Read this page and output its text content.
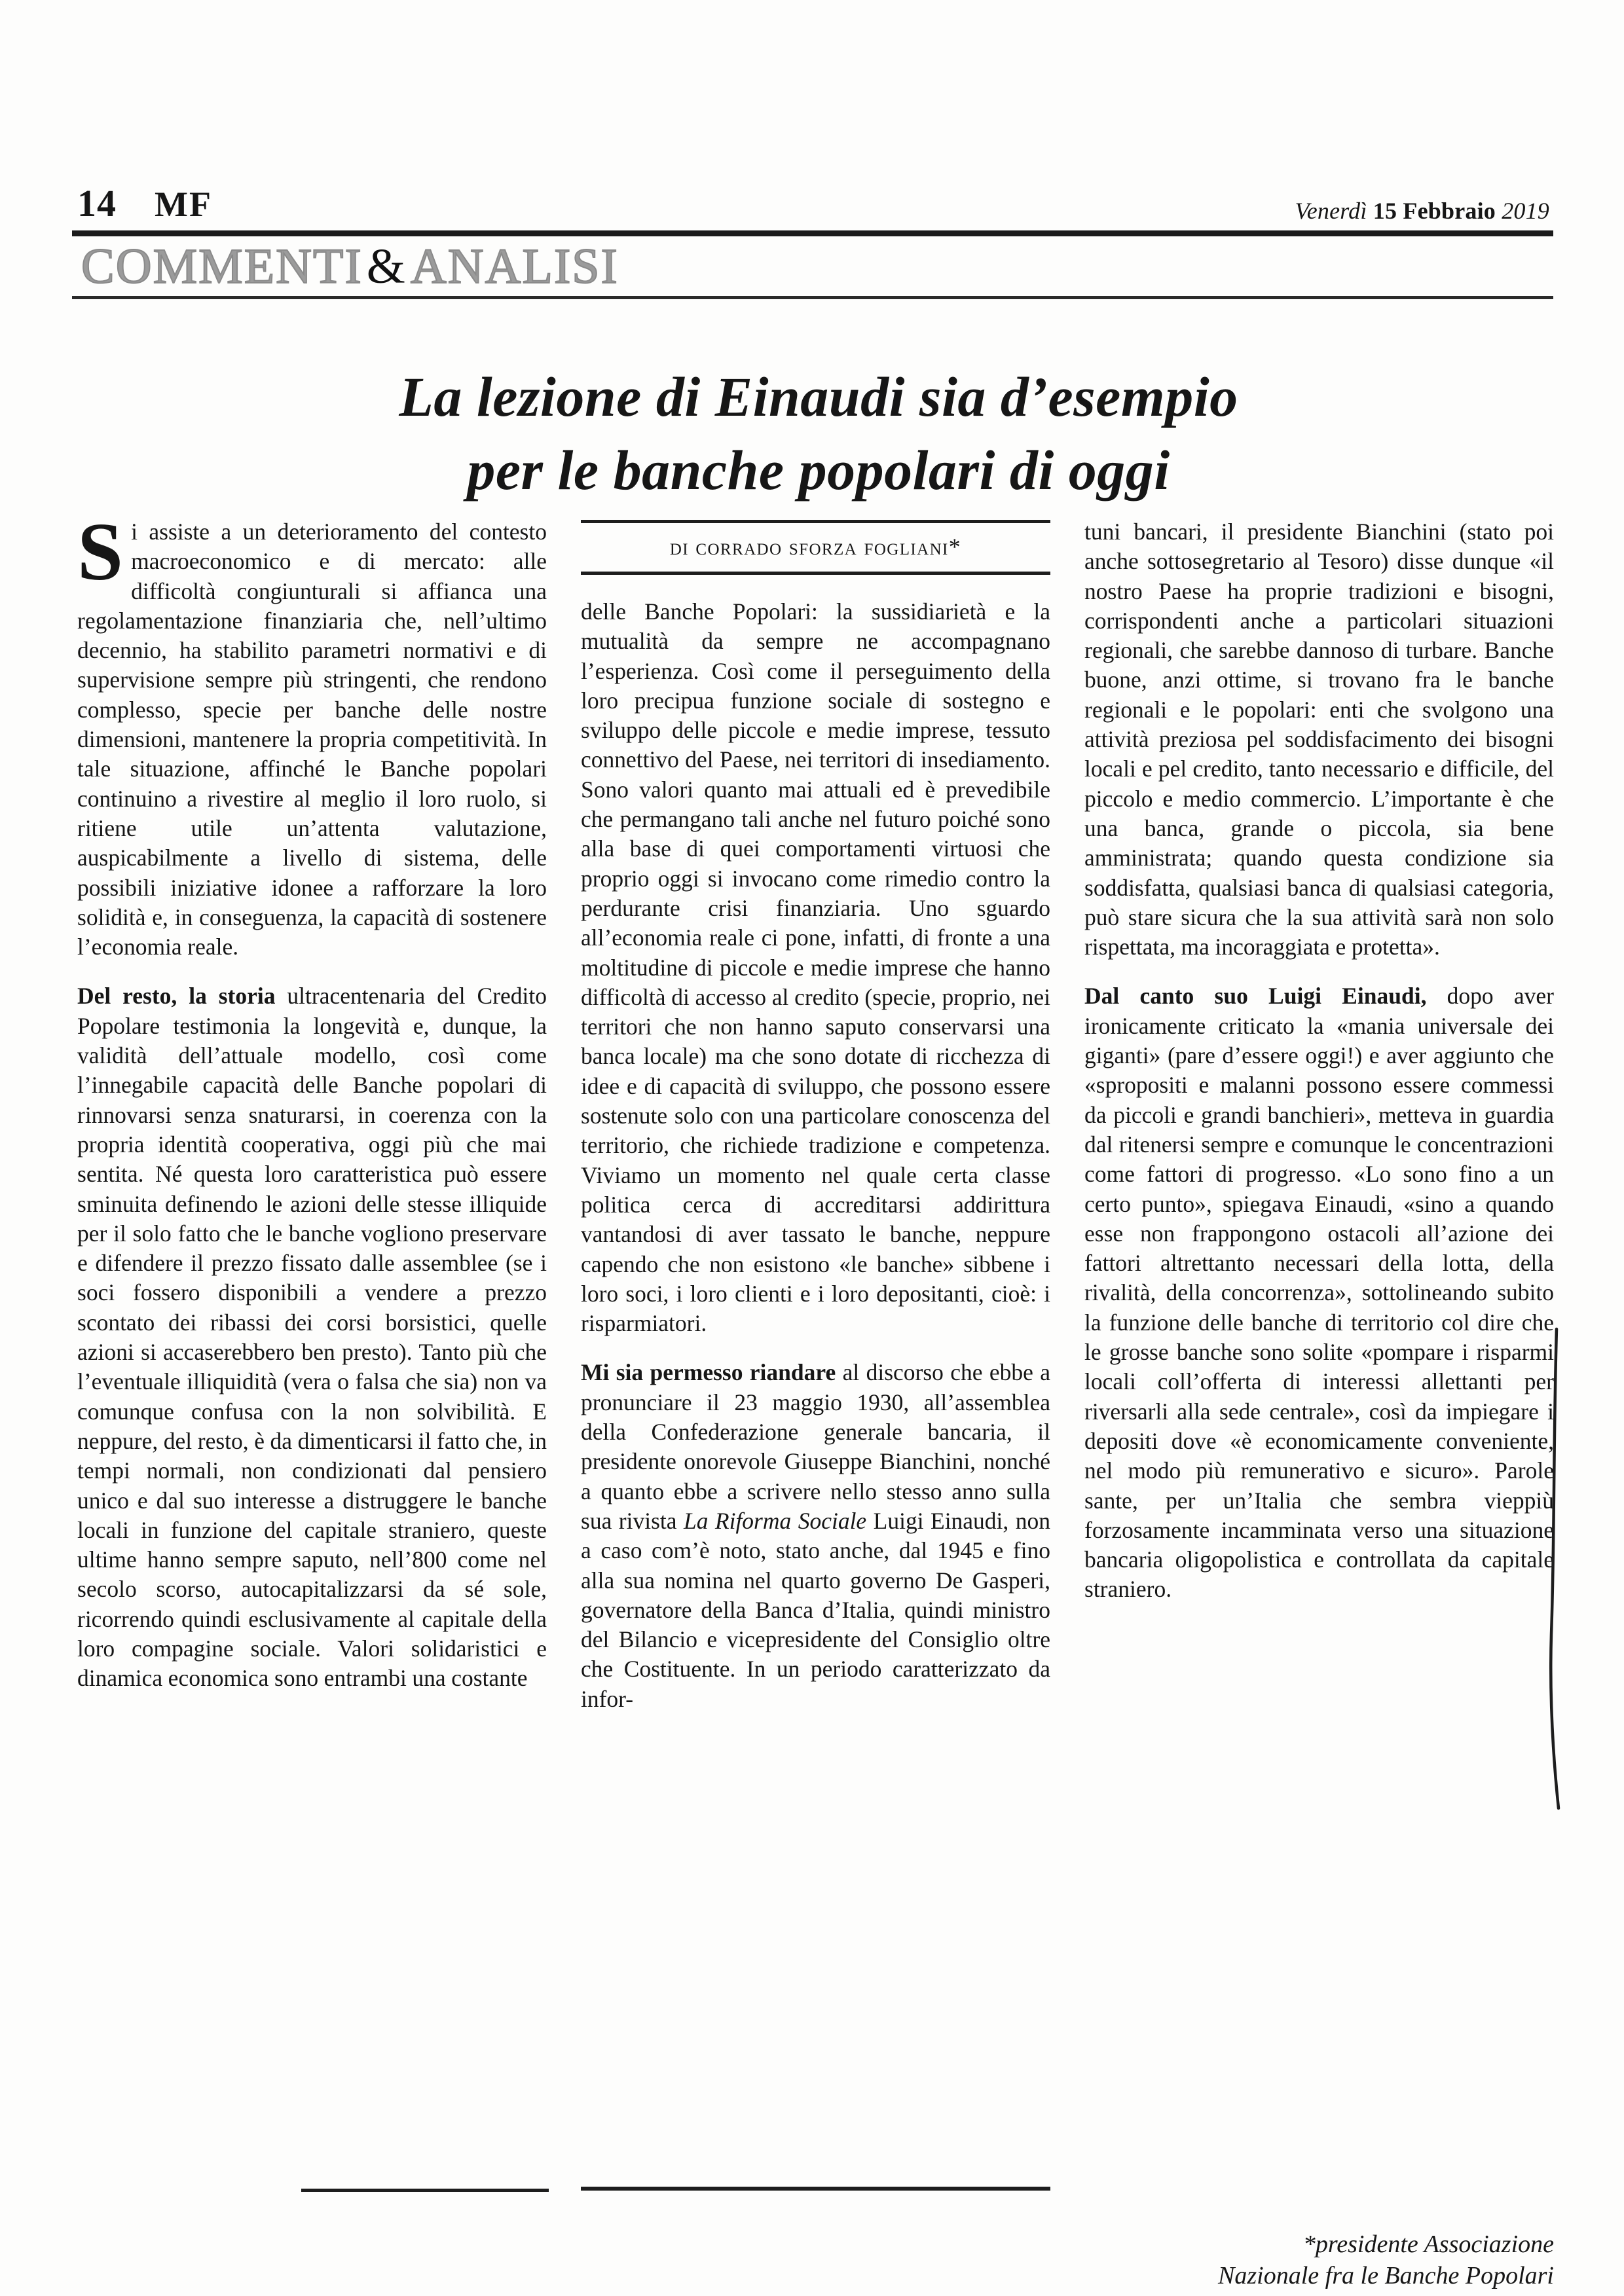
14 MF	Venerdì 15 Febbraio 2019
COMMENTI&ANALISI
La lezione di Einaudi sia d’esempio
per le banche popolari di oggi

Si assiste a un deterioramento del contesto macroeconomico e di mercato: alle difficoltà congiunturali si affianca una regolamentazione finanziaria che, nell’ultimo decennio, ha stabilito parametri normativi e di supervisione sempre più stringenti, che rendono complesso, specie per banche delle nostre dimensioni, mantenere la propria competitività. In tale situazione, affinché le Banche popolari continuino a rivestire al meglio il loro ruolo, si ritiene utile un’attenta valutazione, auspicabilmente a livello di sistema, delle possibili iniziative idonee a rafforzare la loro solidità e, in conseguenza, la capacità di sostenere l’economia reale.

Del resto, la storia ultracentenaria del Credito Popolare testimonia la longevità e, dunque, la validità dell’attuale modello, così come l’innegabile capacità delle Banche popolari di rinnovarsi senza snaturarsi, in coerenza con la propria identità cooperativa, oggi più che mai sentita. Né questa loro caratteristica può essere sminuita definendo le azioni delle stesse illiquide per il solo fatto che le banche vogliono preservare e difendere il prezzo fissato dalle assemblee (se i soci fossero disponibili a vendere a prezzo scontato dei ribassi dei corsi borsistici, quelle azioni si accaserebbero ben presto). Tanto più che l’eventuale illiquidità (vera o falsa che sia) non va comunque confusa con la non solvibilità. E neppure, del resto, è da dimenticarsi il fatto che, in tempi normali, non condizionati dal pensiero unico e dal suo interesse a distruggere le banche locali in funzione del capitale straniero, queste ultime hanno sempre saputo, nell’800 come nel secolo scorso, autocapitalizzarsi da sé sole, ricorrendo quindi esclusivamente al capitale della loro compagine sociale. Valori solidaristici e dinamica economica sono entrambi una costante

di corrado sforza fogliani*

delle Banche Popolari: la sussidiarietà e la mutualità da sempre ne accompagnano l’esperienza. Così come il perseguimento della loro precipua funzione sociale di sostegno e sviluppo delle piccole e medie imprese, tessuto connettivo del Paese, nei territori di insediamento. Sono valori quanto mai attuali ed è prevedibile che permangano tali anche nel futuro poiché sono alla base di quei comportamenti virtuosi che proprio oggi si invocano come rimedio contro la perdurante crisi finanziaria. Uno sguardo all’economia reale ci pone, infatti, di fronte a una moltitudine di piccole e medie imprese che hanno difficoltà di accesso al credito (specie, proprio, nei territori che non hanno saputo conservarsi una banca locale) ma che sono dotate di ricchezza di idee e di capacità di sviluppo, che possono essere sostenute solo con una particolare conoscenza del territorio, che richiede tradizione e competenza. Viviamo un momento nel quale certa classe politica cerca di accreditarsi addirittura vantandosi di aver tassato le banche, neppure capendo che non esistono «le banche» sibbene i loro soci, i loro clienti e i loro depositanti, cioè: i risparmiatori.

Mi sia permesso riandare al discorso che ebbe a pronunciare il 23 maggio 1930, all’assemblea della Confederazione generale bancaria, il presidente onorevole Giuseppe Bianchini, nonché a quanto ebbe a scrivere nello stesso anno sulla sua rivista La Riforma Sociale Luigi Einaudi, non a caso com’è noto, stato anche, dal 1945 e fino alla sua nomina nel quarto governo De Gasperi, governatore della Banca d’Italia, quindi ministro del Bilancio e vicepresidente del Consiglio oltre che Costituente. In un periodo caratterizzato da infor-

tuni bancari, il presidente Bianchini (stato poi anche sottosegretario al Tesoro) disse dunque «il nostro Paese ha proprie tradizioni e bisogni, corrispondenti anche a particolari situazioni regionali, che sarebbe dannoso di turbare. Banche buone, anzi ottime, si trovano fra le banche regionali e le popolari: enti che svolgono una attività preziosa pel soddisfacimento dei bisogni locali e pel credito, tanto necessario e difficile, del piccolo e medio commercio. L’importante è che una banca, grande o piccola, sia bene amministrata; quando questa condizione sia soddisfatta, qualsiasi banca di qualsiasi categoria, può stare sicura che la sua attività sarà non solo rispettata, ma incoraggiata e protetta».

Dal canto suo Luigi Einaudi, dopo aver ironicamente criticato la «mania universale dei giganti» (pare d’essere oggi!) e aver aggiunto che «spropositi e malanni possono essere commessi da piccoli e grandi banchieri», metteva in guardia dal ritenersi sempre e comunque le concentrazioni come fattori di progresso. «Lo sono fino a un certo punto», spiegava Einaudi, «sino a quando esse non frappongono ostacoli all’azione dei fattori altrettanto necessari della lotta, della rivalità, della concorrenza», sottolineando subito la funzione delle banche di territorio col dire che le grosse banche sono solite «pompare i risparmi locali coll’offerta di interessi allettanti per riversarli alla sede centrale», così da impiegare i depositi dove «è economicamente conveniente, nel modo più remunerativo e sicuro». Parole sante, per un’Italia che sembra vieppiù forzosamente incamminata verso una situazione bancaria oligopolistica e controllata da capitale straniero.

*presidente Associazione
Nazionale fra le Banche Popolari
